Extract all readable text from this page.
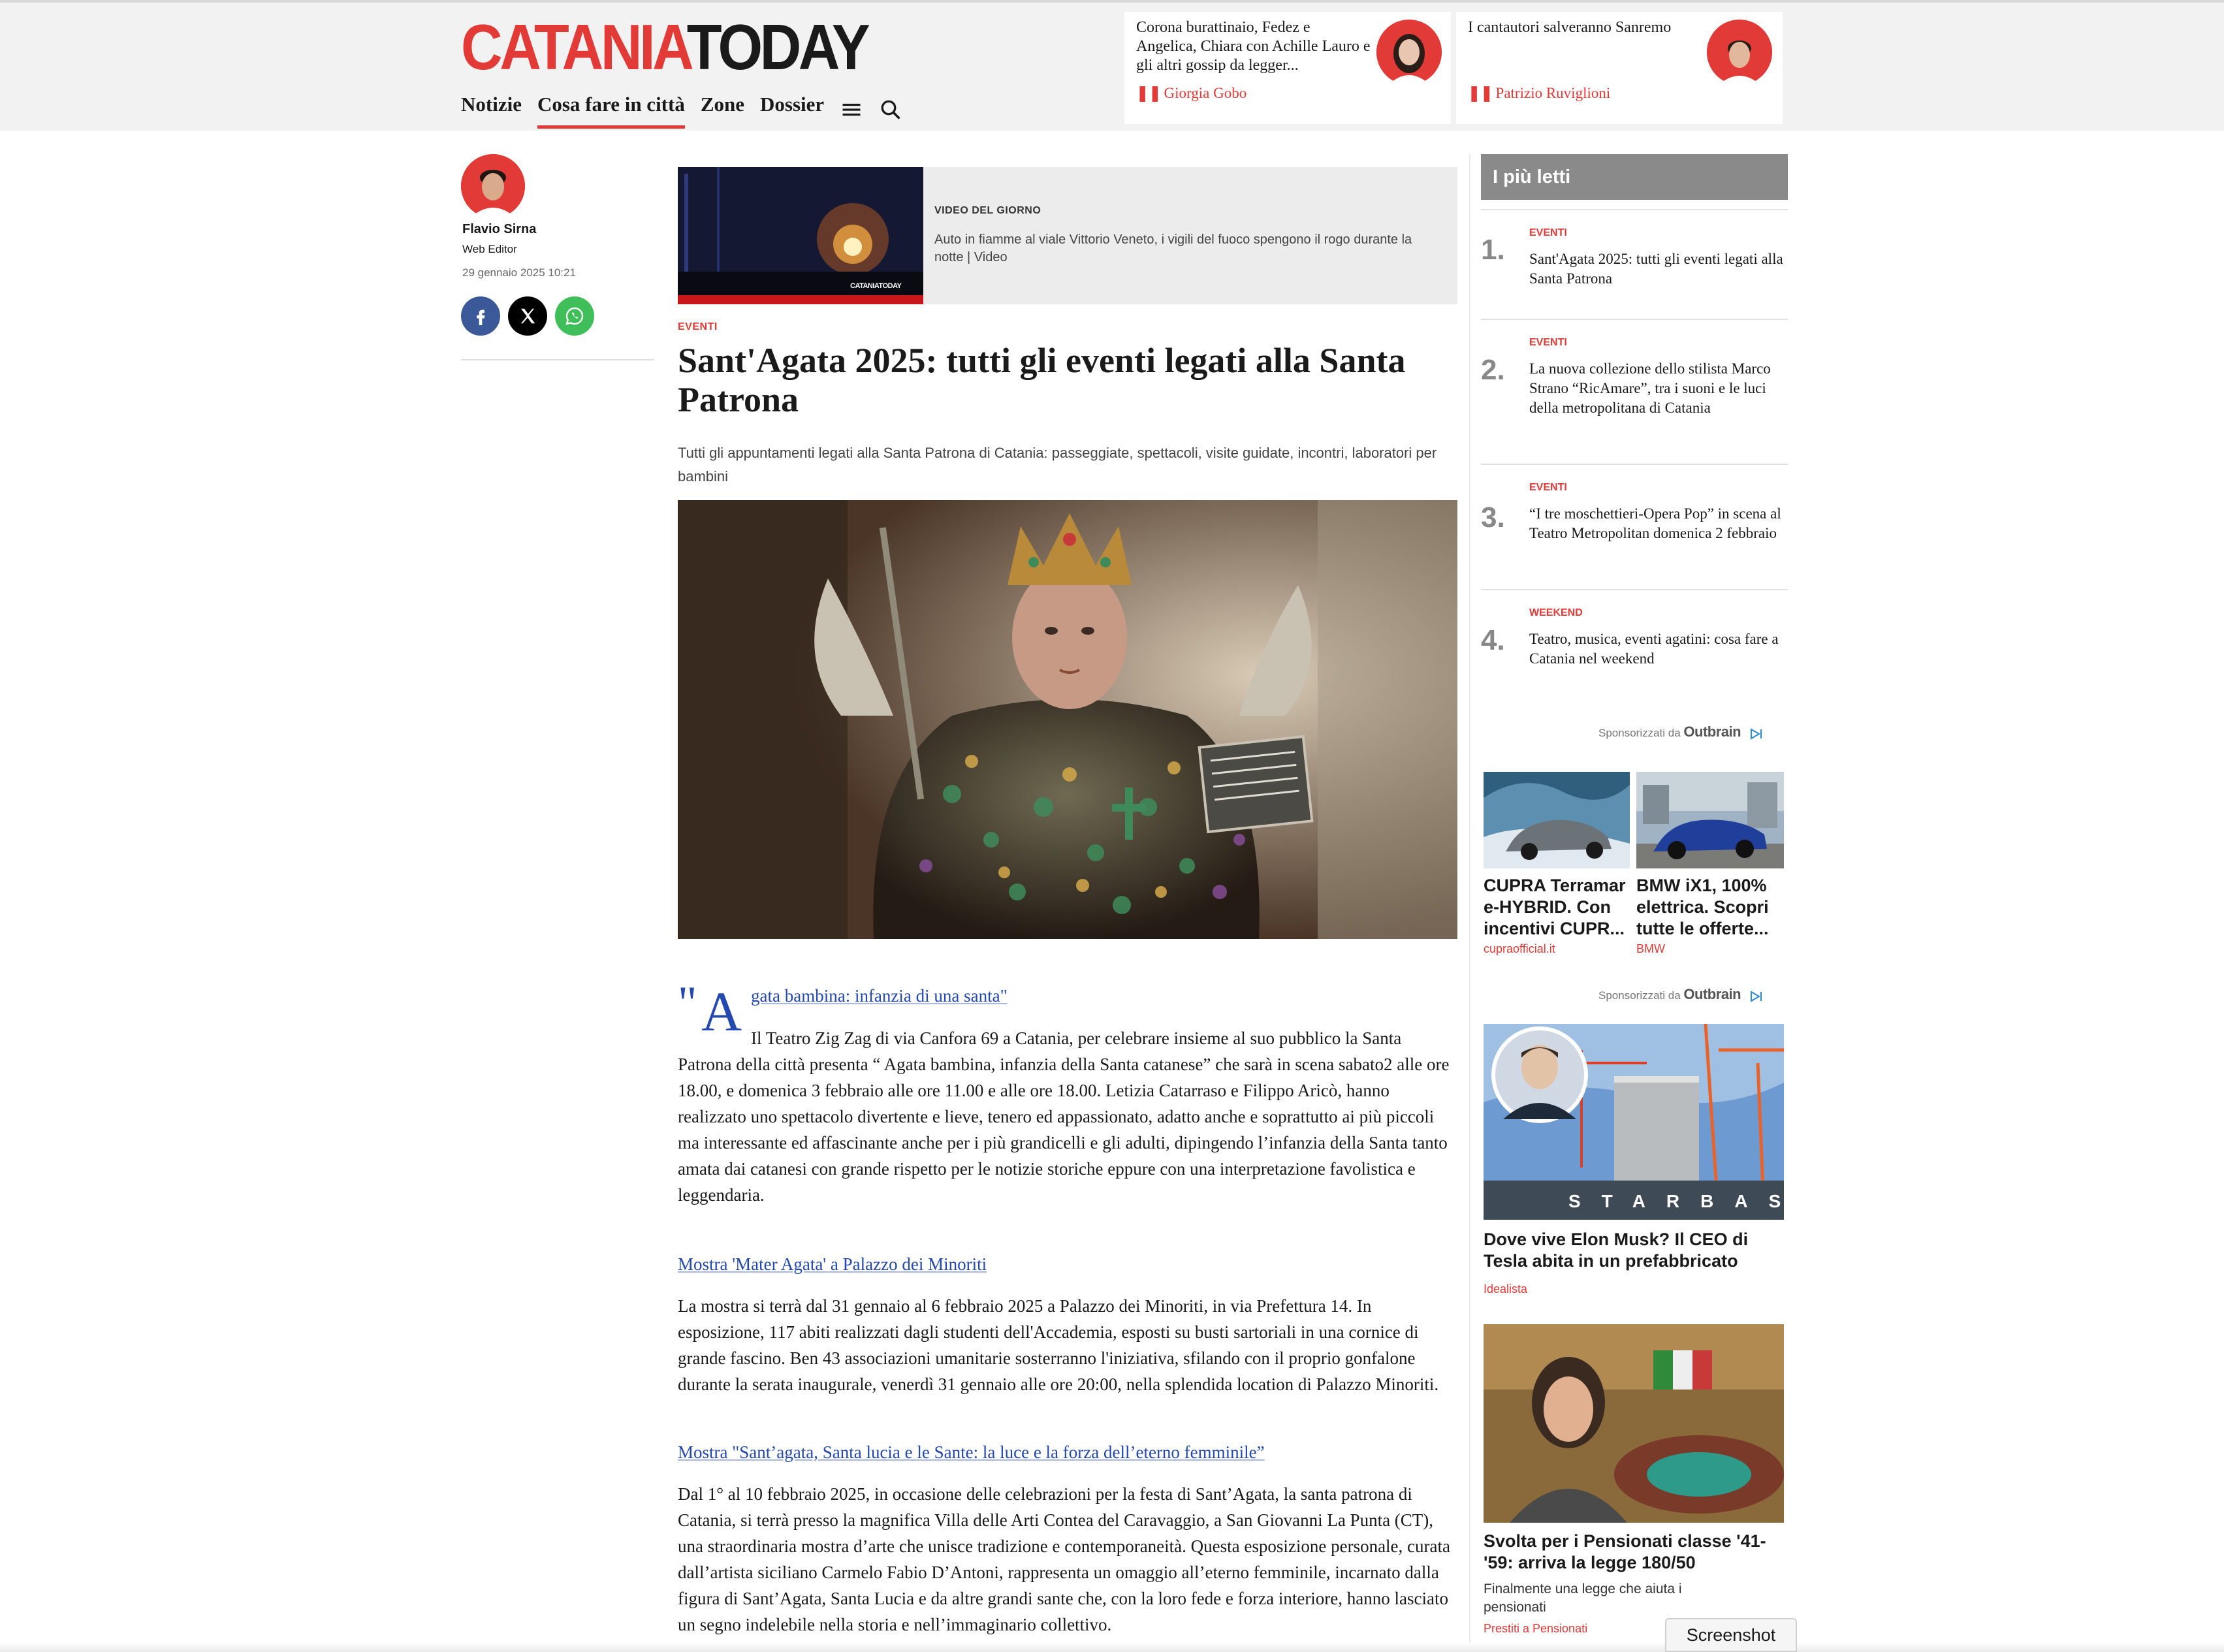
CATANIATODAY
Notizie Cosa fare in città Zone Dossier
Corona burattinaio, Fedez e Angelica, Chiara con Achille Lauro e gli altri gossip da legger...
❚❚ Giorgia Gobo
I cantautori salveranno Sanremo
❚❚ Patrizio Ruviglioni
Flavio Sirna
Web Editor
29 gennaio 2025 10:21
CATANIATODAY
VIDEO DEL GIORNO
Auto in fiamme al viale Vittorio Veneto, i vigili del fuoco spengono il rogo durante la notte | Video
EVENTI
Sant'Agata 2025: tutti gli eventi legati alla Santa Patrona
Tutti gli appuntamenti legati alla Santa Patrona di Catania: passeggiate, spettacoli, visite guidate, incontri, laboratori per bambini
" A gata bambina: infanzia di una santa"

Il Teatro Zig Zag di via Canfora 69 a Catania, per celebrare insieme al suo pubblico la Santa Patrona della città presenta “ Agata bambina, infanzia della Santa catanese” che sarà in scena sabato2 alle ore 18.00, e domenica 3 febbraio alle ore 11.00 e alle ore 18.00. Letizia Catarraso e Filippo Aricò, hanno realizzato uno spettacolo divertente e lieve, tenero ed appassionato, adatto anche e soprattutto ai più piccoli ma interessante ed affascinante anche per i più grandicelli e gli adulti, dipingendo l’infanzia della Santa tanto amata dai catanesi con grande rispetto per le notizie storiche eppure con una interpretazione favolistica e leggendaria.

Mostra 'Mater Agata' a Palazzo dei Minoriti

La mostra si terrà dal 31 gennaio al 6 febbraio 2025 a Palazzo dei Minoriti, in via Prefettura 14. In esposizione, 117 abiti realizzati dagli studenti dell'Accademia, esposti su busti sartoriali in una cornice di grande fascino. Ben 43 associazioni umanitarie sosterranno l'iniziativa, sfilando con il proprio gonfalone durante la serata inaugurale, venerdì 31 gennaio alle ore 20:00, nella splendida location di Palazzo Minoriti.

Mostra "Sant’agata, Santa lucia e le Sante: la luce e la forza dell’eterno femminile”

Dal 1° al 10 febbraio 2025, in occasione delle celebrazioni per la festa di Sant’Agata, la santa patrona di Catania, si terrà presso la magnifica Villa delle Arti Contea del Caravaggio, a San Giovanni La Punta (CT), una straordinaria mostra d’arte che unisce tradizione e contemporaneità. Questa esposizione personale, curata dall’artista siciliano Carmelo Fabio D’Antoni, rappresenta un omaggio all’eterno femminile, incarnato dalla figura di Sant’Agata, Santa Lucia e da altre grandi sante che, con la loro fede e forza interiore, hanno lasciato un segno indelebile nella storia e nell’immaginario collettivo.

I più letti
1.
EVENTI
Sant'Agata 2025: tutti gli eventi legati alla Santa Patrona
2.
EVENTI
La nuova collezione dello stilista Marco Strano “RicAmare”, tra i suoni e le luci della metropolitana di Catania
3.
EVENTI
“I tre moschettieri-Opera Pop” in scena al Teatro Metropolitan domenica 2 febbraio
4.
WEEKEND
Teatro, musica, eventi agatini: cosa fare a Catania nel weekend
Sponsorizzati da Outbrain
CUPRA Terramar e-HYBRID. Con incentivi CUPR...
cupraofficial.it
BMW iX1, 100% elettrica. Scopri tutte le offerte...
BMW
Sponsorizzati da Outbrain
STARBASE
Dove vive Elon Musk? Il CEO di Tesla abita in un prefabbricato
Idealista
Svolta per i Pensionati classe '41-'59: arriva la legge 180/50
Finalmente una legge che aiuta i pensionati
Prestiti a Pensionati	Screenshot
